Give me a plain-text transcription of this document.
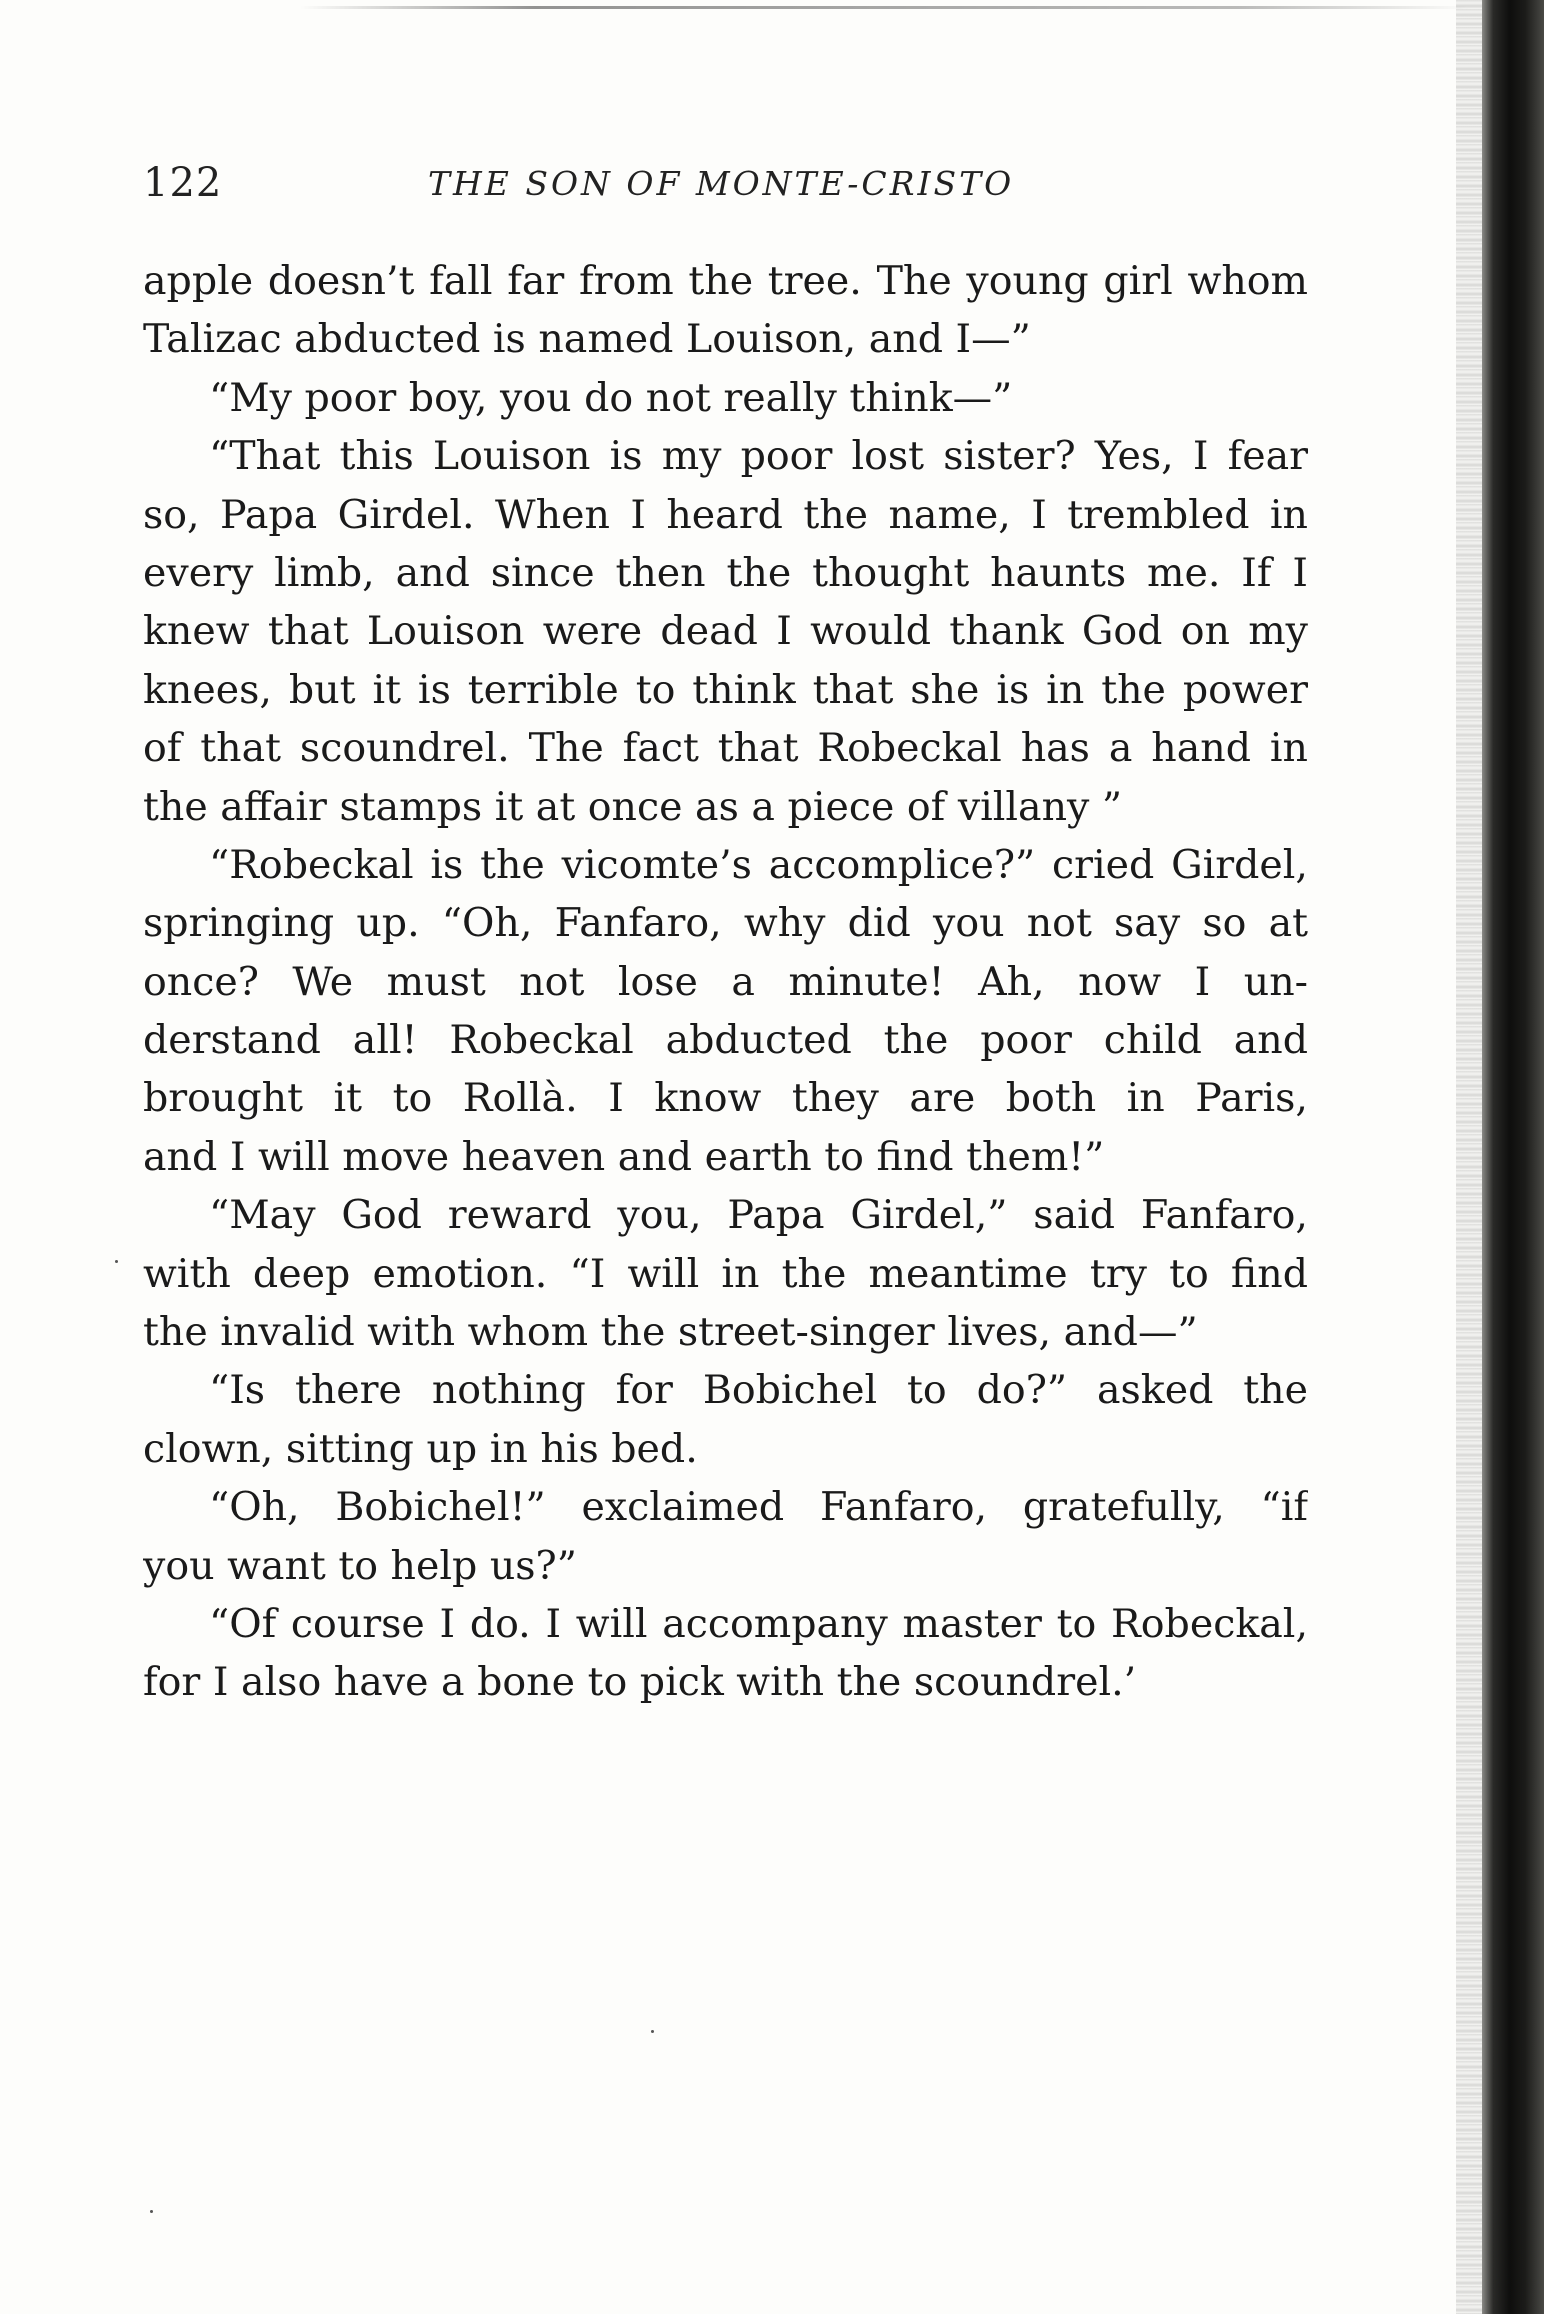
122	THE SON OF MONTE-CRISTO
apple doesn’t fall far from the tree. The young girl whom
Talizac abducted is named Louison, and I—”
“My poor boy, you do not really think—”
“That this Louison is my poor lost sister? Yes, I fear
so, Papa Girdel. When I heard the name, I trembled in
every limb, and since then the thought haunts me. If I
knew that Louison were dead I would thank God on my
knees, but it is terrible to think that she is in the power
of that scoundrel. The fact that Robeckal has a hand in
the affair stamps it at once as a piece of villany ”
“Robeckal is the vicomte’s accomplice?” cried Girdel,
springing up. “Oh, Fanfaro, why did you not say so at
once? We must not lose a minute! Ah, now I un-
derstand all! Robeckal abducted the poor child and
brought it to Rollà. I know they are both in Paris,
and I will move heaven and earth to find them!”
“May God reward you, Papa Girdel,” said Fanfaro,
with deep emotion. “I will in the meantime try to find
the invalid with whom the street-singer lives, and—”
“Is there nothing for Bobichel to do?” asked the
clown, sitting up in his bed.
“Oh, Bobichel!” exclaimed Fanfaro, gratefully, “if
you want to help us?”
“Of course I do. I will accompany master to Robeckal,
for I also have a bone to pick with the scoundrel.’
